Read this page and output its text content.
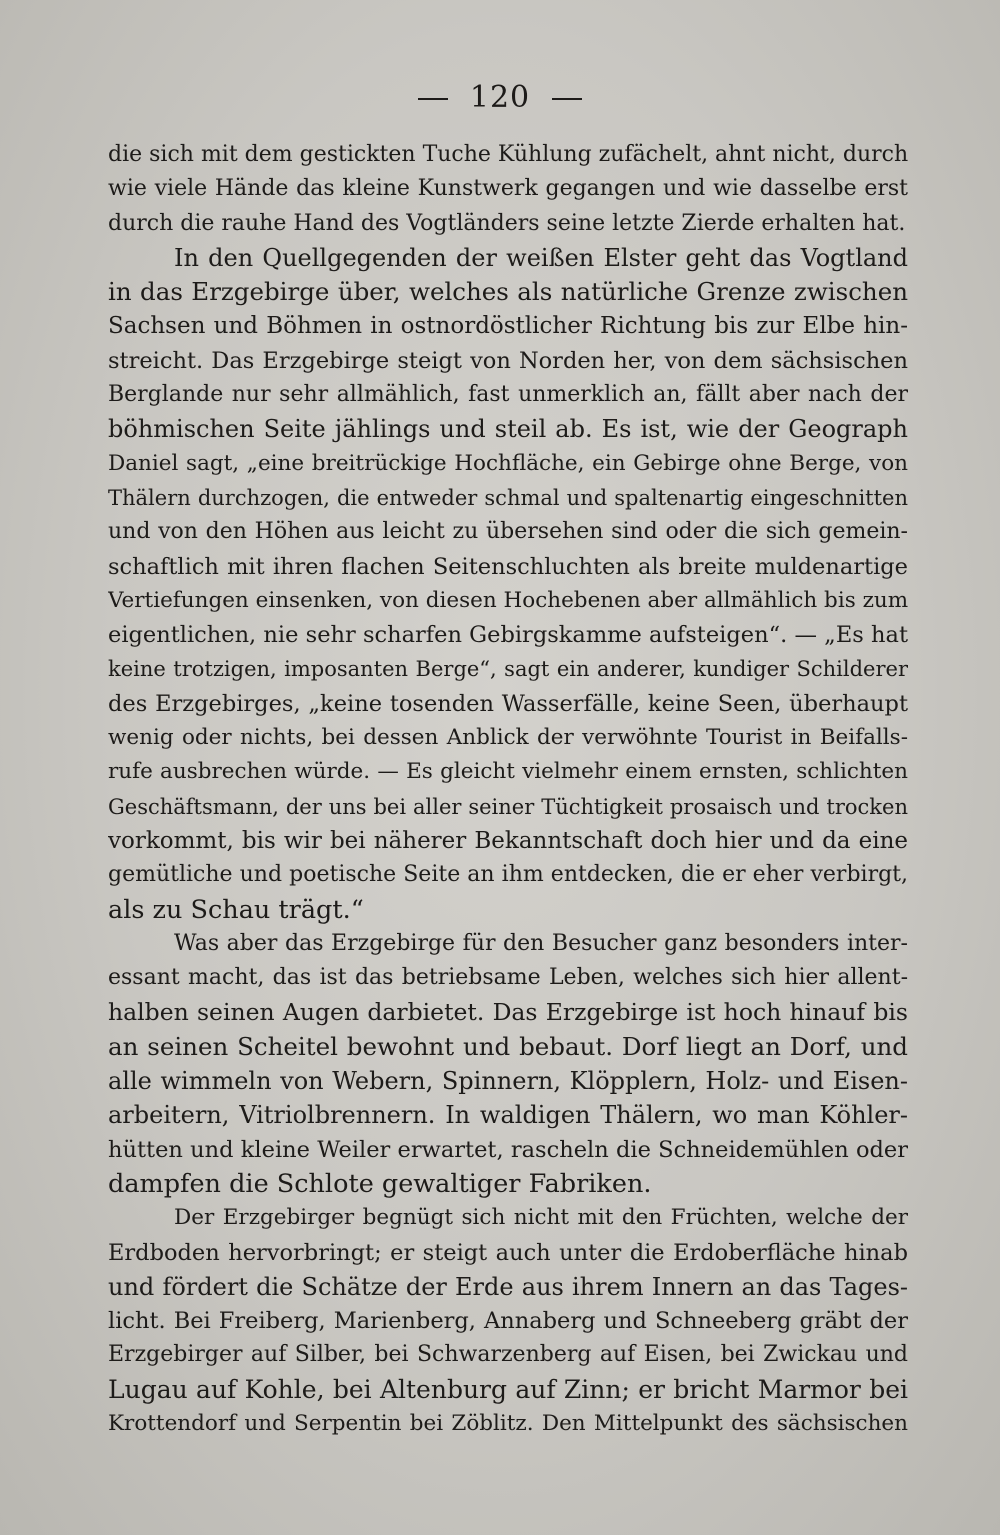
120
die sich mit dem gestickten Tuche Kühlung zufächelt, ahnt nicht, durch
wie viele Hände das kleine Kunstwerk gegangen und wie dasselbe erst
durch die rauhe Hand des Vogtländers seine letzte Zierde erhalten hat.
In den Quellgegenden der weißen Elster geht das Vogtland
in das Erzgebirge über, welches als natürliche Grenze zwischen
Sachsen und Böhmen in ostnordöstlicher Richtung bis zur Elbe hin-
streicht. Das Erzgebirge steigt von Norden her, von dem sächsischen
Berglande nur sehr allmählich, fast unmerklich an, fällt aber nach der
böhmischen Seite jählings und steil ab. Es ist, wie der Geograph
Daniel sagt, „eine breitrückige Hochfläche, ein Gebirge ohne Berge, von
Thälern durchzogen, die entweder schmal und spaltenartig eingeschnitten
und von den Höhen aus leicht zu übersehen sind oder die sich gemein-
schaftlich mit ihren flachen Seitenschluchten als breite muldenartige
Vertiefungen einsenken, von diesen Hochebenen aber allmählich bis zum
eigentlichen, nie sehr scharfen Gebirgskamme aufsteigen“. — „Es hat
keine trotzigen, imposanten Berge“, sagt ein anderer, kundiger Schilderer
des Erzgebirges, „keine tosenden Wasserfälle, keine Seen, überhaupt
wenig oder nichts, bei dessen Anblick der verwöhnte Tourist in Beifalls-
rufe ausbrechen würde. — Es gleicht vielmehr einem ernsten, schlichten
Geschäftsmann, der uns bei aller seiner Tüchtigkeit prosaisch und trocken
vorkommt, bis wir bei näherer Bekanntschaft doch hier und da eine
gemütliche und poetische Seite an ihm entdecken, die er eher verbirgt,
als zu Schau trägt.“
Was aber das Erzgebirge für den Besucher ganz besonders inter-
essant macht, das ist das betriebsame Leben, welches sich hier allent-
halben seinen Augen darbietet. Das Erzgebirge ist hoch hinauf bis
an seinen Scheitel bewohnt und bebaut. Dorf liegt an Dorf, und
alle wimmeln von Webern, Spinnern, Klöpplern, Holz- und Eisen-
arbeitern, Vitriolbrennern. In waldigen Thälern, wo man Köhler-
hütten und kleine Weiler erwartet, rascheln die Schneidemühlen oder
dampfen die Schlote gewaltiger Fabriken.
Der Erzgebirger begnügt sich nicht mit den Früchten, welche der
Erdboden hervorbringt; er steigt auch unter die Erdoberfläche hinab
und fördert die Schätze der Erde aus ihrem Innern an das Tages-
licht. Bei Freiberg, Marienberg, Annaberg und Schneeberg gräbt der
Erzgebirger auf Silber, bei Schwarzenberg auf Eisen, bei Zwickau und
Lugau auf Kohle, bei Altenburg auf Zinn; er bricht Marmor bei
Krottendorf und Serpentin bei Zöblitz. Den Mittelpunkt des sächsischen
